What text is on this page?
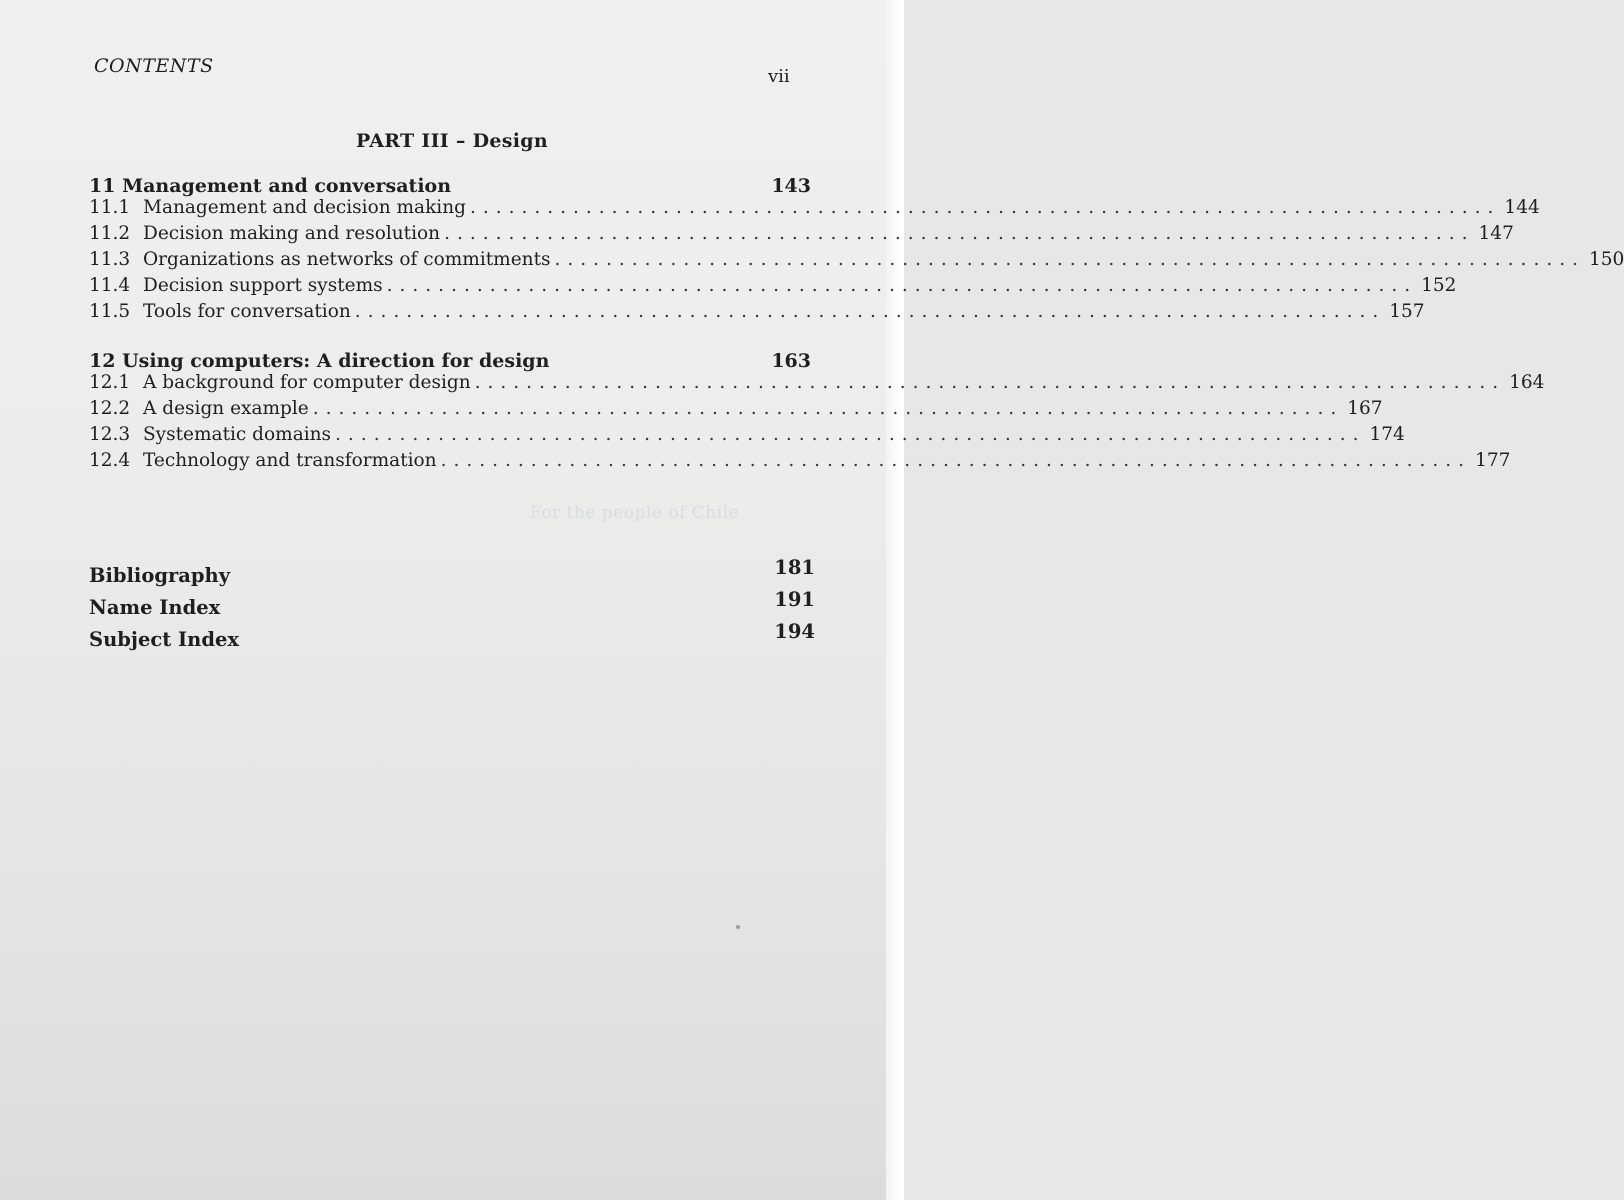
CONTENTS	vii
PART III – Design
For the people of Chile
11 Management and conversation	143
11.1 Management and decision making ................................................................................ 144
11.2 Decision making and resolution ................................................................................ 147
11.3 Organizations as networks of commitments ................................................................................ 150
11.4 Decision support systems ................................................................................ 152
11.5 Tools for conversation ................................................................................ 157
12 Using computers: A direction for design	163
12.1 A background for computer design ................................................................................ 164
12.2 A design example ................................................................................ 167
12.3 Systematic domains ................................................................................ 174
12.4 Technology and transformation ................................................................................ 177
Bibliography	181
Name Index	191
Subject Index	194
